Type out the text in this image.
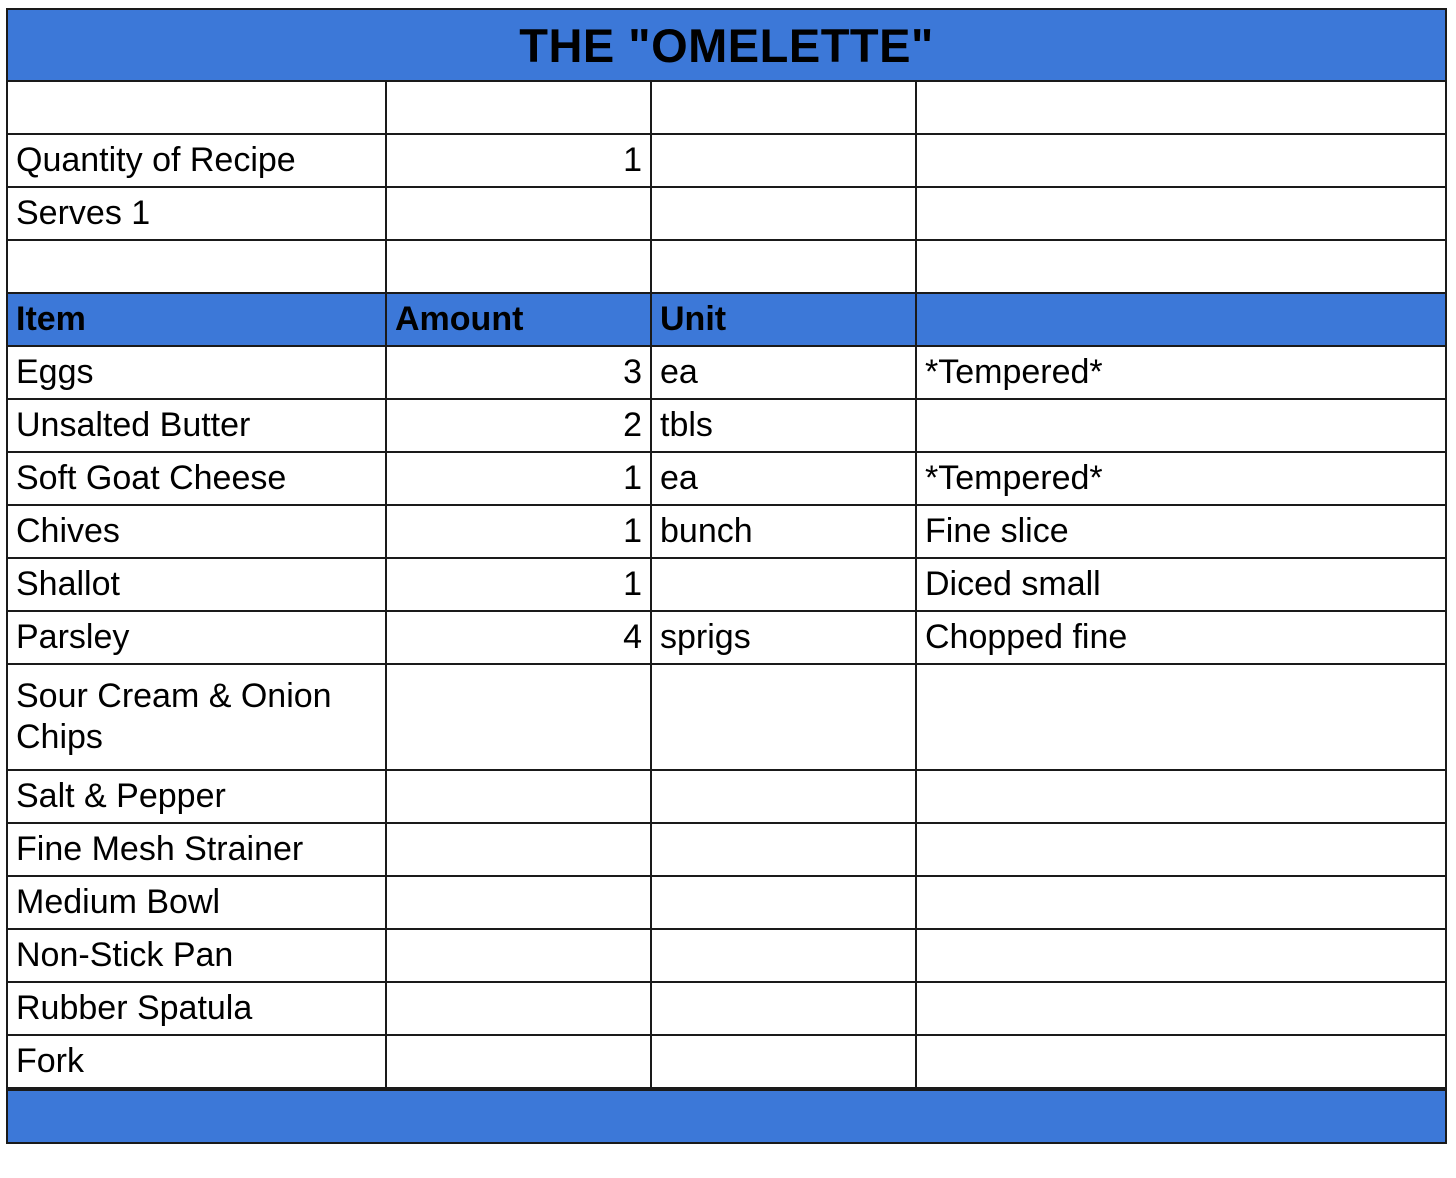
THE "OMELETTE"

Quantity of Recipe	1		
Serves 1			

Item	Amount	Unit	
Eggs	3	ea	*Tempered*
Unsalted Butter	2	tbls	
Soft Goat Cheese	1	ea	*Tempered*
Chives	1	bunch	Fine slice
Shallot	1		Diced small
Parsley	4	sprigs	Chopped fine
Sour Cream & Onion Chips			
Salt & Pepper			
Fine Mesh Strainer			
Medium Bowl			
Non-Stick Pan			
Rubber Spatula			
Fork			
